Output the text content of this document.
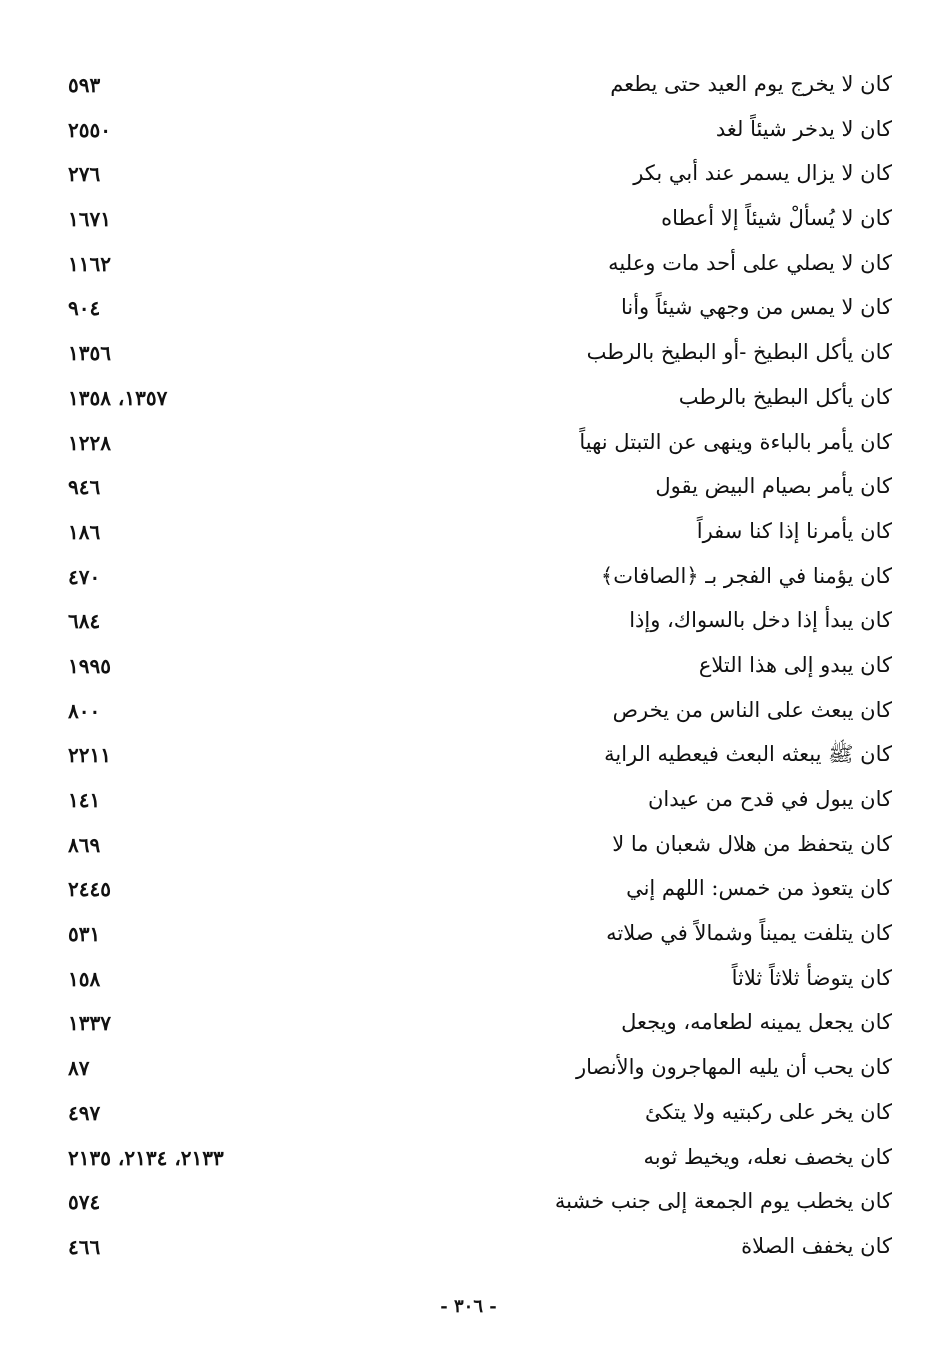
كان لا يخرج يوم العيد حتى يطعم
٥٩٣
كان لا يدخر شيئاً لغد
٢٥٥٠
كان لا يزال يسمر عند أبي بكر
٢٧٦
كان لا يُسألْ شيئاً إلا أعطاه
١٦٧١
كان لا يصلي على أحد مات وعليه
١١٦٢
كان لا يمس من وجهي شيئاً وأنا
٩٠٤
كان يأكل البطيخ -أو البطيخ بالرطب
١٣٥٦
كان يأكل البطيخ بالرطب
١٣٥٧، ١٣٥٨
كان يأمر بالباءة وينهى عن التبتل نهياً
١٢٢٨
كان يأمر بصيام البيض يقول
٩٤٦
كان يأمرنا إذا كنا سفراً
١٨٦
كان يؤمنا في الفجر بـ ﴿الصافات﴾
٤٧٠
كان يبدأ إذا دخل بالسواك، وإذا
٦٨٤
كان يبدو إلى هذا التلاع
١٩٩٥
كان يبعث على الناس من يخرص
٨٠٠
كان ﷺ يبعثه البعث فيعطيه الراية
٢٢١١
كان يبول في قدح من عيدان
١٤١
كان يتحفظ من هلال شعبان ما لا
٨٦٩
كان يتعوذ من خمس: اللهم إني
٢٤٤٥
كان يتلفت يميناً وشمالاً في صلاته
٥٣١
كان يتوضأ ثلاثاً ثلاثاً
١٥٨
كان يجعل يمينه لطعامه، ويجعل
١٣٣٧
كان يحب أن يليه المهاجرون والأنصار
٨٧
كان يخر على ركبتيه ولا يتكئ
٤٩٧
كان يخصف نعله، ويخيط ثوبه
٢١٣٣، ٢١٣٤، ٢١٣٥
كان يخطب يوم الجمعة إلى جنب خشبة
٥٧٤
كان يخفف الصلاة
٤٦٦
- ٣٠٦ -
